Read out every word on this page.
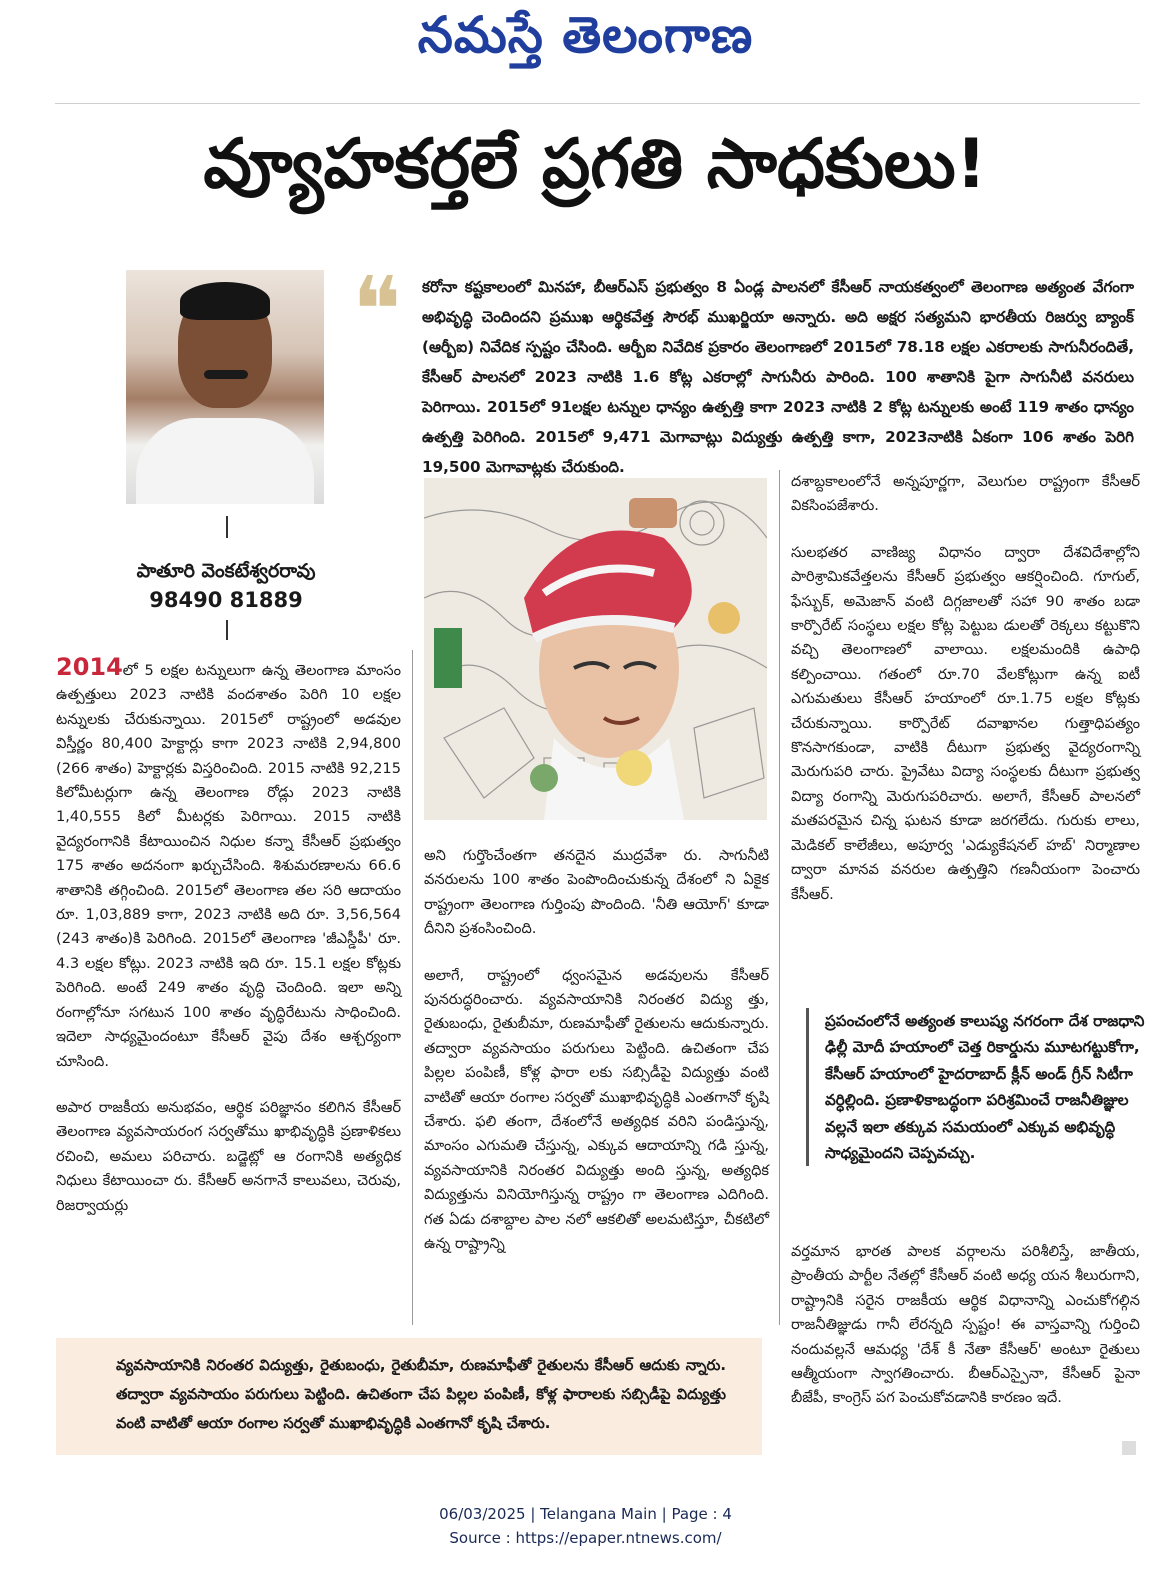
నమస్తే తెలంగాణ
వ్యూహకర్తలే ప్రగతి సాధకులు!
పాతూరి వెంకటేశ్వరరావు
98490 81889
❝ కరోనా కష్టకాలంలో మినహా, బీఆర్ఎస్ ప్రభుత్వం 8 ఏండ్ల పాలనలో కేసీఆర్ నాయకత్వంలో తెలంగాణ అత్యంత వేగంగా అభివృద్ధి చెందిందని ప్రముఖ ఆర్థికవేత్త సౌరభ్ ముఖర్జియా అన్నారు. అది అక్షర సత్యమని భారతీయ రిజర్వు బ్యాంక్ (ఆర్బీఐ) నివేదిక స్పష్టం చేసింది. ఆర్బీఐ నివేదిక ప్రకారం తెలంగాణలో 2015లో 78.18 లక్షల ఎకరాలకు సాగునీరందితే, కేసీఆర్ పాలనలో 2023 నాటికి 1.6 కోట్ల ఎకరాల్లో సాగునీరు పారింది. 100 శాతానికి పైగా సాగునీటి వనరులు పెరిగాయి. 2015లో 91లక్షల టన్నుల ధాన్యం ఉత్పత్తి కాగా 2023 నాటికి 2 కోట్ల టన్నులకు అంటే 119 శాతం ధాన్యం ఉత్పత్తి పెరిగింది. 2015లో 9,471 మెగావాట్లు విద్యుత్తు ఉత్పత్తి కాగా, 2023నాటికి ఏకంగా 106 శాతం పెరిగి 19,500 మెగావాట్లకు చేరుకుంది.

2014లో 5 లక్షల టన్నులుగా ఉన్న తెలంగాణ మాంసం ఉత్పత్తులు 2023 నాటికి వందశాతం పెరిగి 10 లక్షల టన్నులకు చేరుకున్నాయి. 2015లో రాష్ట్రంలో అడవుల విస్తీర్ణం 80,400 హెక్టార్లు కాగా 2023 నాటికి 2,94,800 (266 శాతం) హెక్టార్లకు విస్తరించింది. 2015 నాటికి 92,215 కిలోమీటర్లుగా ఉన్న తెలంగాణ రోడ్లు 2023 నాటికి 1,40,555 కిలో మీటర్లకు పెరిగాయి. 2015 నాటికి వైద్యరంగానికి కేటాయించిన నిధుల కన్నా కేసీఆర్ ప్రభుత్వం 175 శాతం అదనంగా ఖర్చుచేసింది. శిశుమరణాలను 66.6 శాతానికి తగ్గించింది. 2015లో తెలంగాణ తల సరి ఆదాయం రూ. 1,03,889 కాగా, 2023 నాటికి అది రూ. 3,56,564 (243 శాతం)కి పెరిగింది. 2015లో తెలంగాణ 'జీఎస్డీపీ' రూ. 4.3 లక్షల కోట్లు. 2023 నాటికి ఇది రూ. 15.1 లక్షల కోట్లకు పెరిగింది. అంటే 249 శాతం వృద్ధి చెందింది. ఇలా అన్ని రంగాల్లోనూ సగటున 100 శాతం వృద్ధిరేటును సాధించింది. ఇదెలా సాధ్యమైందంటూ కేసీఆర్ వైపు దేశం ఆశ్చర్యంగా చూసింది.

అపార రాజకీయ అనుభవం, ఆర్థిక పరిజ్ఞానం కలిగిన కేసీఆర్ తెలంగాణ వ్యవసాయరంగ సర్వతోము ఖాభివృద్ధికి ప్రణాళికలు రచించి, అమలు పరిచారు. బడ్జెట్లో ఆ రంగానికి అత్యధిక నిధులు కేటాయించా రు. కేసీఆర్ అనగానే కాలువలు, చెరువు, రిజర్వాయర్లు

అని గుర్తొంచేంతగా తనదైన ముద్రవేశా రు. సాగునీటి వనరులను 100 శాతం పెంపొందించుకున్న దేశంలో ని ఏకైక రాష్ట్రంగా తెలంగాణ గుర్తింపు పొందింది. 'నీతి ఆయోగ్' కూడా దీనిని ప్రశంసించింది.

అలాగే, రాష్ట్రంలో ధ్వంసమైన అడవులను కేసీఆర్ పునరుద్ధరించారు. వ్యవసాయానికి నిరంతర విద్యు త్తు, రైతుబంధు, రైతుబీమా, రుణమాఫీతో రైతులను ఆదుకున్నారు. తద్వారా వ్యవసాయం పరుగులు పెట్టింది. ఉచితంగా చేప పిల్లల పంపిణీ, కోళ్ల ఫారా లకు సబ్సిడీపై విద్యుత్తు వంటి వాటితో ఆయా రంగాల సర్వతో ముఖాభివృద్ధికి ఎంతగానో కృషి చేశారు. ఫలి తంగా, దేశంలోనే అత్యధిక వరిని పండిస్తున్న, మాంసం ఎగుమతి చేస్తున్న, ఎక్కువ ఆదాయాన్ని గడి స్తున్న, వ్యవసాయానికి నిరంతర విద్యుత్తు అంది స్తున్న, అత్యధిక విద్యుత్తును వినియోగిస్తున్న రాష్ట్రం గా తెలంగాణ ఎదిగింది. గత ఏడు దశాబ్దాల పాల నలో ఆకలితో అలమటిస్తూ, చీకటిలో ఉన్న రాష్ట్రాన్ని

దశాబ్దకాలంలోనే అన్నపూర్ణగా, వెలుగుల రాష్ట్రంగా కేసీఆర్ వికసింపజేశారు.

సులభతర వాణిజ్య విధానం ద్వారా దేశవిదేశాల్లోని పారిశ్రామికవేత్తలను కేసీఆర్ ప్రభుత్వం ఆకర్షించింది. గూగుల్, ఫేస్బుక్, అమెజాన్ వంటి దిగ్గజాలతో సహా 90 శాతం బడా కార్పొరేట్ సంస్థలు లక్షల కోట్ల పెట్టుబ డులతో రెక్కలు కట్టుకొని వచ్చి తెలంగాణలో వాలాయి. లక్షలమందికి ఉపాధి కల్పించాయి. గతంలో రూ.70 వేలకోట్లుగా ఉన్న ఐటీ ఎగుమతులు కేసీఆర్ హయాంలో రూ.1.75 లక్షల కోట్లకు చేరుకున్నాయి. కార్పొరేట్ దవాఖానల గుత్తాధిపత్యం కొనసాగకుండా, వాటికి దీటుగా ప్రభుత్వ వైద్యరంగాన్ని మెరుగుపరి చారు. ప్రైవేటు విద్యా సంస్థలకు దీటుగా ప్రభుత్వ విద్యా రంగాన్ని మెరుగుపరిచారు. అలాగే, కేసీఆర్ పాలనలో మతపరమైన చిన్న ఘటన కూడా జరగలేదు. గురుకు లాలు, మెడికల్ కాలేజీలు, అపూర్వ 'ఎడ్యుకేషనల్ హబ్' నిర్మాణాల ద్వారా మానవ వనరుల ఉత్పత్తిని గణనీయంగా పెంచారు కేసీఆర్.

ప్రపంచంలోనే అత్యంత కాలుష్య నగరంగా దేశ రాజధాని ఢిల్లీ మోదీ హయాంలో చెత్త రికార్డును మూటగట్టుకోగా, కేసీఆర్ హయాంలో హైదరాబాద్ క్లీన్ అండ్ గ్రీన్ సిటీగా వర్ధిల్లింది. ప్రణాళికాబద్ధంగా పరిశ్రమించే రాజనీతిజ్ఞుల వల్లనే ఇలా తక్కువ సమయంలో ఎక్కువ అభివృద్ధి సాధ్యమైందని చెప్పవచ్చు.

వర్తమాన భారత పాలక వర్గాలను పరిశీలిస్తే, జాతీయ, ప్రాంతీయ పార్టీల నేతల్లో కేసీఆర్ వంటి అధ్య యన శీలురుగాని, రాష్ట్రానికి సరైన రాజకీయ ఆర్థిక విధానాన్ని ఎంచుకోగల్గిన రాజనీతిజ్ఞుడు గానీ లేరన్నది స్పష్టం! ఈ వాస్తవాన్ని గుర్తించి నందువల్లనే ఆమధ్య 'దేశ్ కీ నేతా కేసీఆర్' అంటూ రైతులు ఆత్మీయంగా స్వాగతించారు. బీఆర్ఎస్పైనా, కేసీఆర్ పైనా బీజేపీ, కాంగ్రెస్ పగ పెంచుకోవడానికి కారణం ఇదే.

వ్యవసాయానికి నిరంతర విద్యుత్తు, రైతుబంధు, రైతుబీమా, రుణమాఫీతో రైతులను కేసీఆర్ ఆదుకు న్నారు. తద్వారా వ్యవసాయం పరుగులు పెట్టింది. ఉచితంగా చేప పిల్లల పంపిణీ, కోళ్ల ఫారాలకు సబ్సిడీపై విద్యుత్తు వంటి వాటితో ఆయా రంగాల సర్వతో ముఖాభివృద్ధికి ఎంతగానో కృషి చేశారు.
06/03/2025 | Telangana Main | Page : 4
Source : https://epaper.ntnews.com/
